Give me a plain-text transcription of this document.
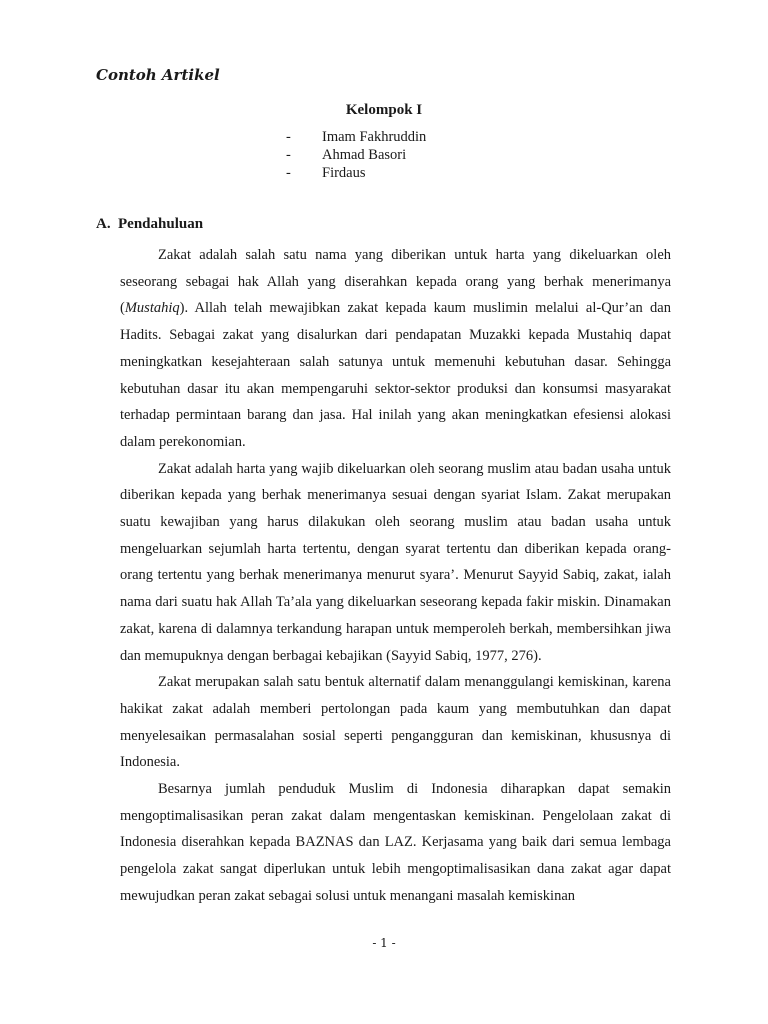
Contoh Artikel
Kelompok I
- Imam Fakhruddin
- Ahmad Basori
- Firdaus
A. Pendahuluan

Zakat adalah salah satu nama yang diberikan untuk harta yang dikeluarkan oleh seseorang sebagai hak Allah yang diserahkan kepada orang yang berhak menerimanya (Mustahiq). Allah telah mewajibkan zakat kepada kaum muslimin melalui al-Qur’an dan Hadits. Sebagai zakat yang disalurkan dari pendapatan Muzakki kepada Mustahiq dapat meningkatkan kesejahteraan salah satunya untuk memenuhi kebutuhan dasar. Sehingga kebutuhan dasar itu akan mempengaruhi sektor-sektor produksi dan konsumsi masyarakat terhadap permintaan barang dan jasa. Hal inilah yang akan meningkatkan efesiensi alokasi dalam perekonomian.

Zakat adalah harta yang wajib dikeluarkan oleh seorang muslim atau badan usaha untuk diberikan kepada yang berhak menerimanya sesuai dengan syariat Islam. Zakat merupakan suatu kewajiban yang harus dilakukan oleh seorang muslim atau badan usaha untuk mengeluarkan sejumlah harta tertentu, dengan syarat tertentu dan diberikan kepada orang-orang tertentu yang berhak menerimanya menurut syara’. Menurut Sayyid Sabiq, zakat, ialah nama dari suatu hak Allah Ta’ala yang dikeluarkan seseorang kepada fakir miskin. Dinamakan zakat, karena di dalamnya terkandung harapan untuk memperoleh berkah, membersihkan jiwa dan memupuknya dengan berbagai kebajikan (Sayyid Sabiq, 1977, 276).

Zakat merupakan salah satu bentuk alternatif dalam menanggulangi kemiskinan, karena hakikat zakat adalah memberi pertolongan pada kaum yang membutuhkan dan dapat menyelesaikan permasalahan sosial seperti pengangguran dan kemiskinan, khususnya di Indonesia.

Besarnya jumlah penduduk Muslim di Indonesia diharapkan dapat semakin mengoptimalisasikan peran zakat dalam mengentaskan kemiskinan. Pengelolaan zakat di Indonesia diserahkan kepada BAZNAS dan LAZ. Kerjasama yang baik dari semua lembaga pengelola zakat sangat diperlukan untuk lebih mengoptimalisasikan dana zakat agar dapat mewujudkan peran zakat sebagai solusi untuk menangani masalah kemiskinan

- 1 -
